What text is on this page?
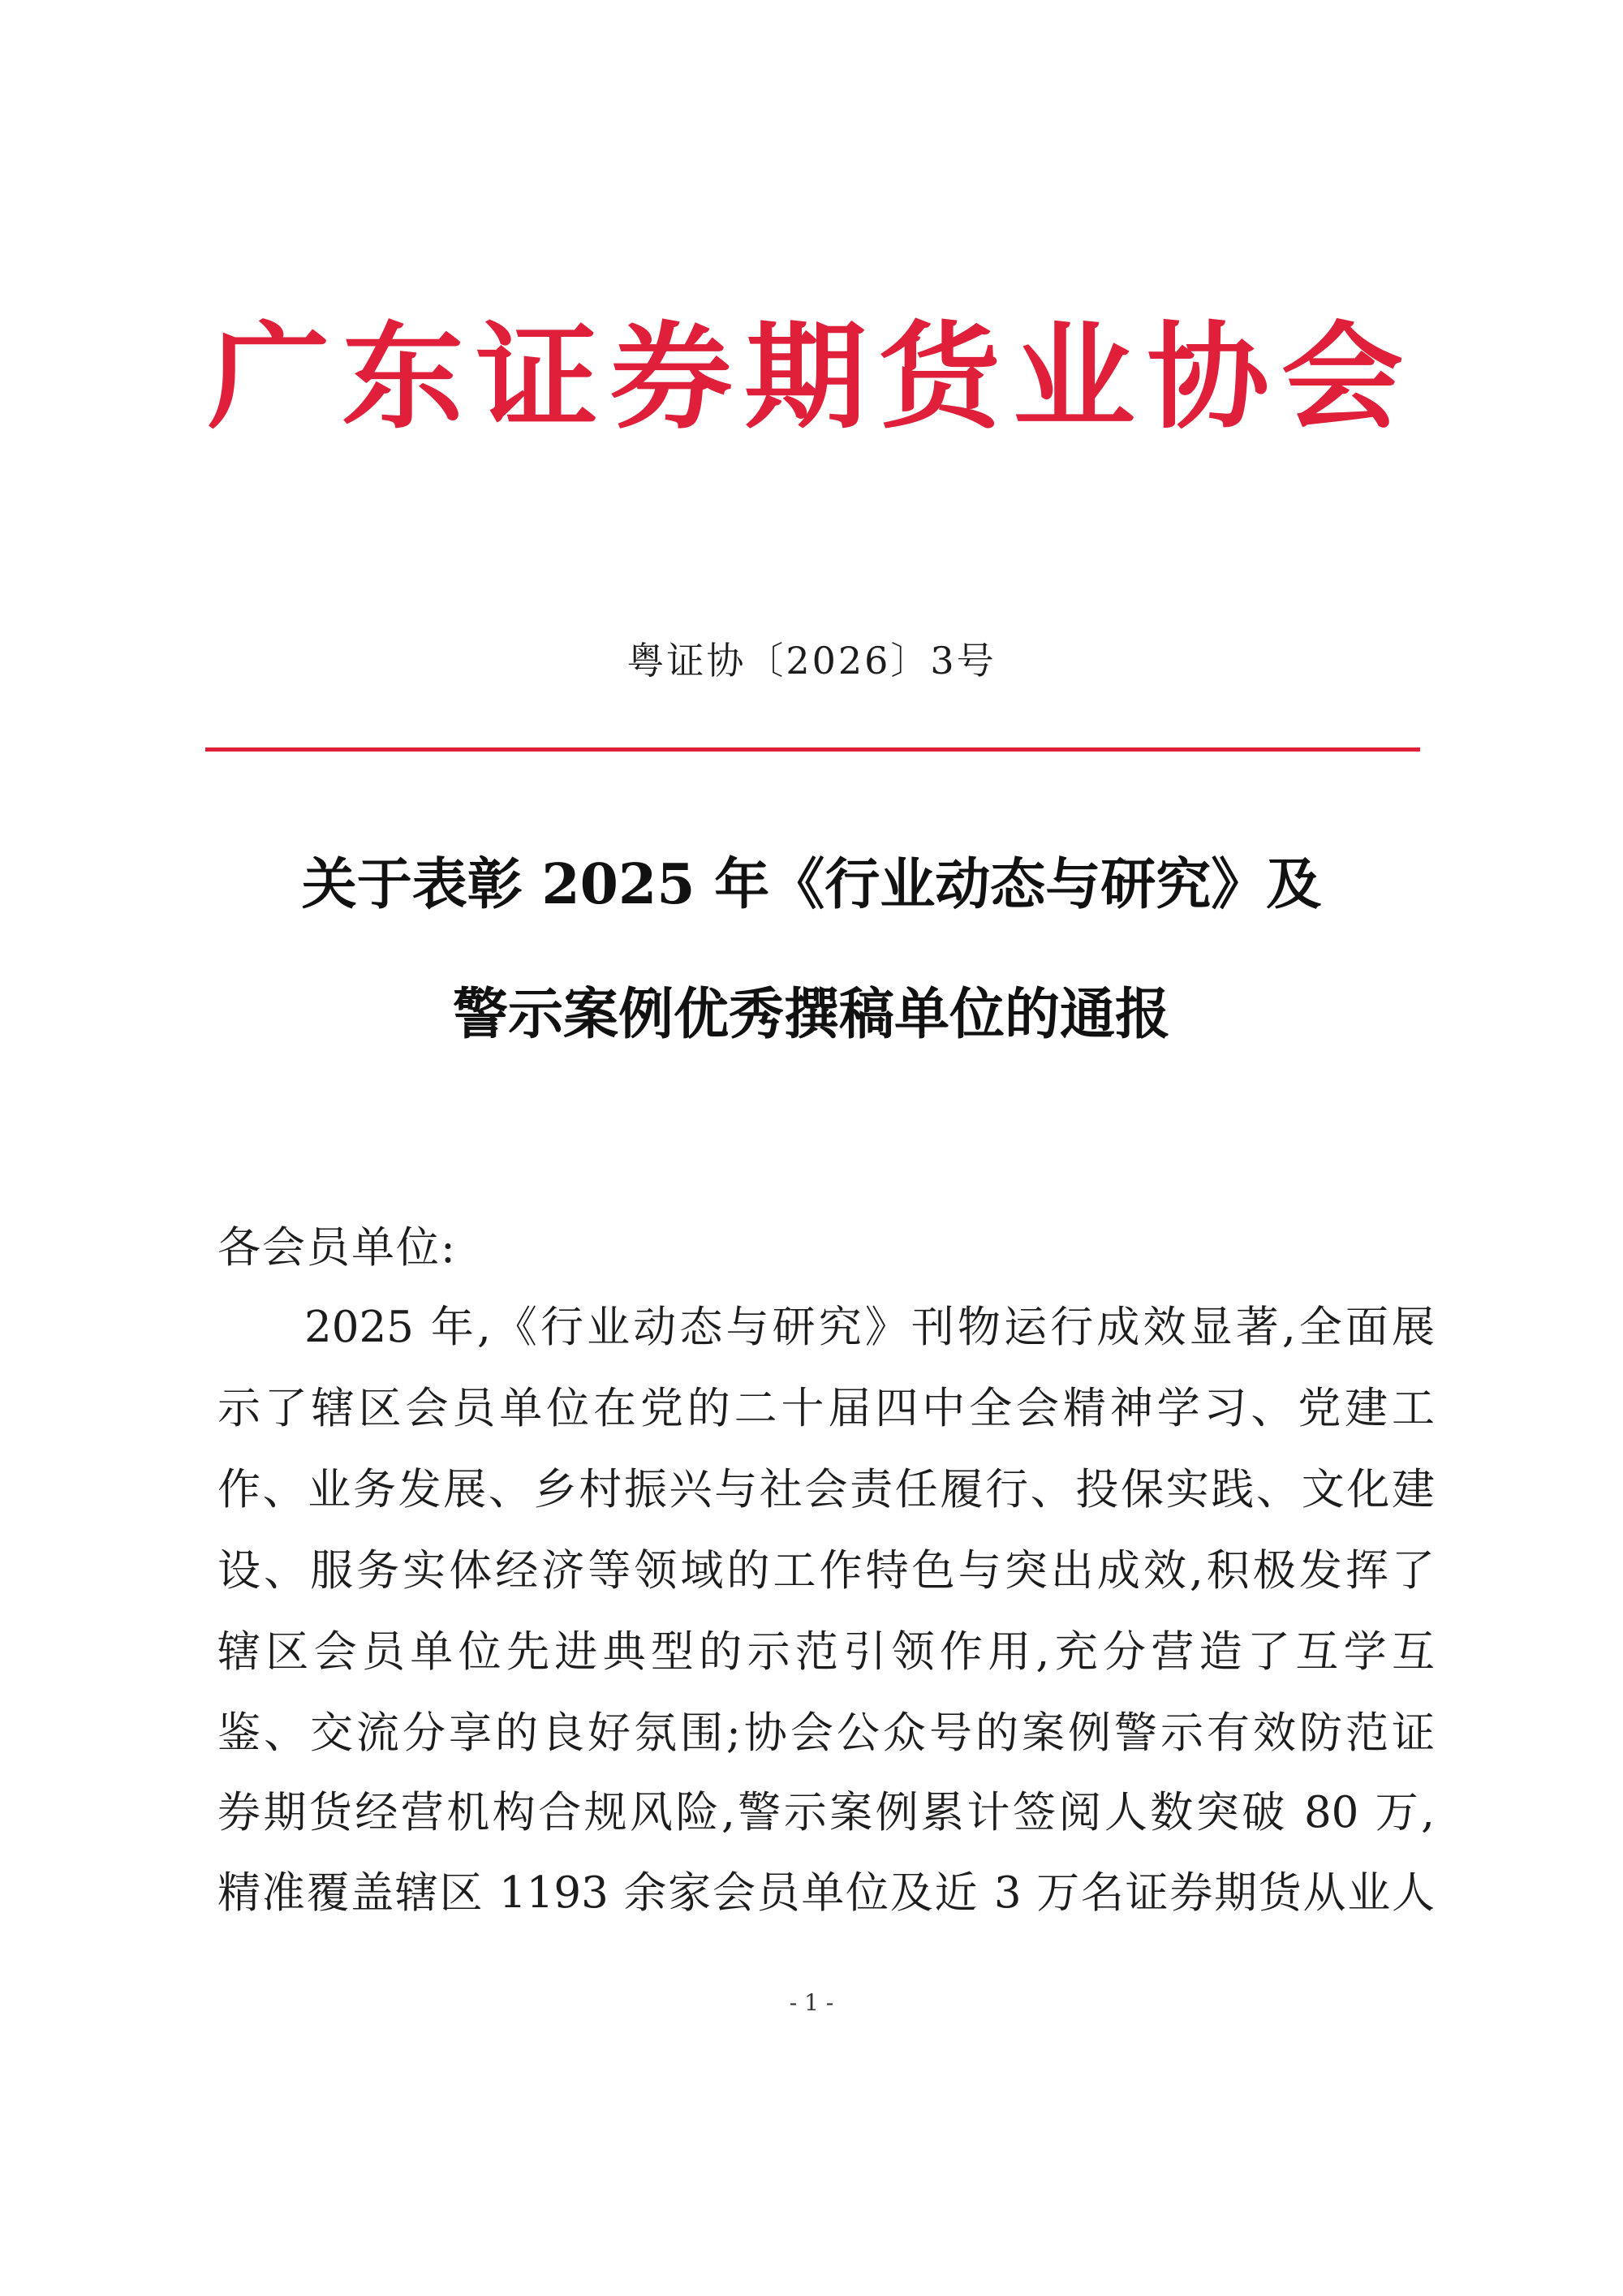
广东证券期货业协会
粤证协〔2026〕3号
关于表彰 2025 年《行业动态与研究》及
警示案例优秀撰稿单位的通报
各会员单位:
2025 年,《行业动态与研究》刊物运行成效显著,全面展
示了辖区会员单位在党的二十届四中全会精神学习、党建工
作、业务发展、乡村振兴与社会责任履行、投保实践、文化建
设、服务实体经济等领域的工作特色与突出成效,积极发挥了
辖区会员单位先进典型的示范引领作用,充分营造了互学互
鉴、交流分享的良好氛围;协会公众号的案例警示有效防范证
券期货经营机构合规风险,警示案例累计签阅人数突破 80 万,
精准覆盖辖区 1193 余家会员单位及近 3 万名证券期货从业人
- 1 -
